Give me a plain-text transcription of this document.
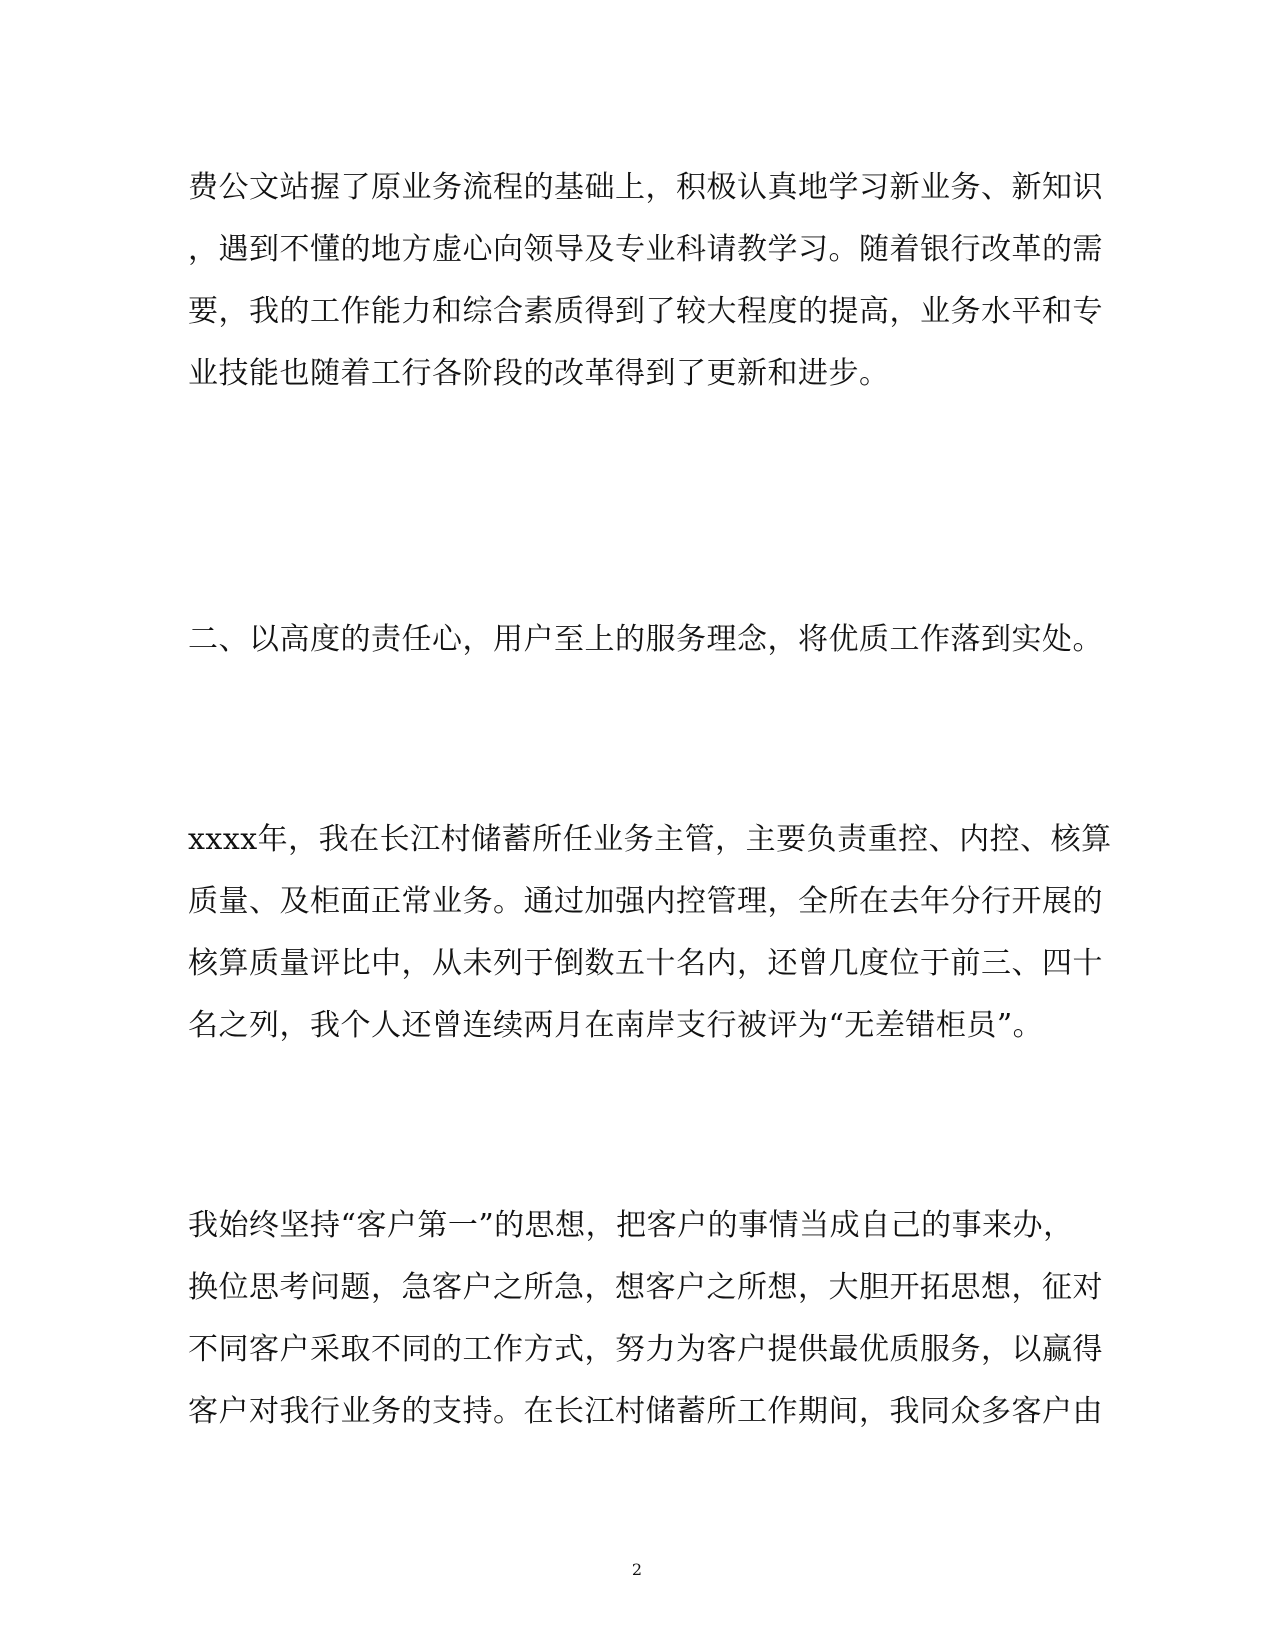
费公文站握了原业务流程的基础上，积极认真地学习新业务、新知识
，遇到不懂的地方虚心向领导及专业科请教学习。随着银行改革的需
要，我的工作能力和综合素质得到了较大程度的提高，业务水平和专
业技能也随着工行各阶段的改革得到了更新和进步。
二、以高度的责任心，用户至上的服务理念，将优质工作落到实处。
xxxx年，我在长江村储蓄所任业务主管，主要负责重控、内控、核算
质量、及柜面正常业务。通过加强内控管理，全所在去年分行开展的
核算质量评比中，从未列于倒数五十名内，还曾几度位于前三、四十
名之列，我个人还曾连续两月在南岸支行被评为“无差错柜员”。
我始终坚持“客户第一”的思想，把客户的事情当成自己的事来办，
换位思考问题，急客户之所急，想客户之所想，大胆开拓思想，征对
不同客户采取不同的工作方式，努力为客户提供最优质服务，以赢得
客户对我行业务的支持。在长江村储蓄所工作期间，我同众多客户由
2
